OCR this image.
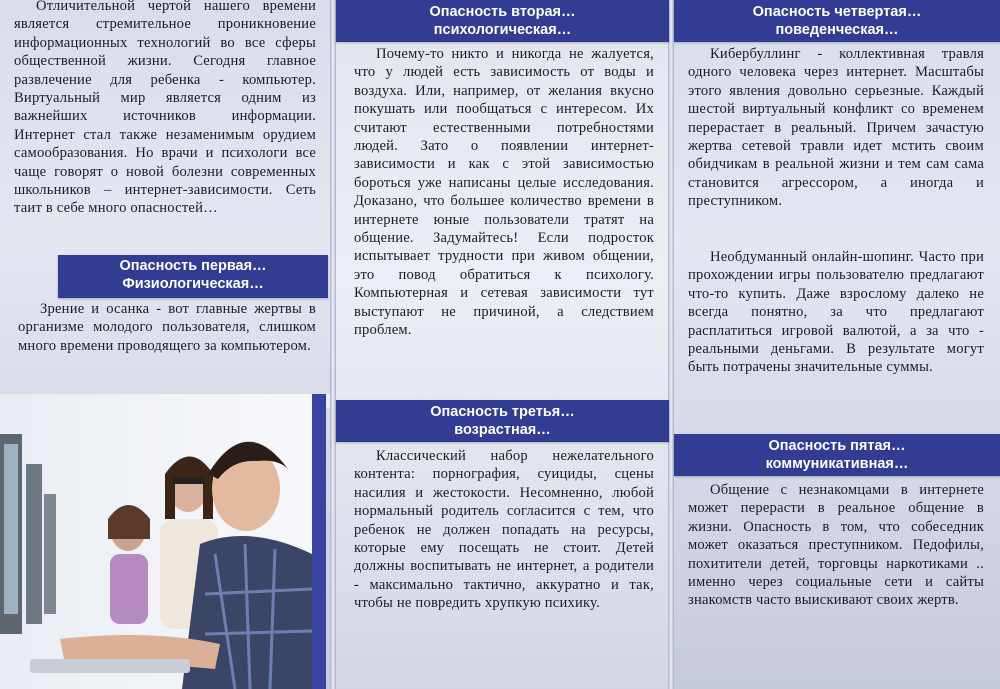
Отличительной чертой нашего времени является стремительное проникновение информационных технологий во все сферы общественной жизни. Сегодня главное развлечение для ребенка - компьютер. Виртуальный мир является одним из важнейших источников информации. Интернет стал также незаменимым орудием самообразования. Но врачи и психологи все чаще говорят о новой болезни современных школьников – интернет-зависимости. Сеть таит в себе много опасностей…

Опасность первая…
Физиологическая…

Зрение и осанка - вот главные жертвы в организме молодого пользователя, слишком много времени проводящего за компьютером.

Опасность вторая…
психологическая…

Почему-то никто и никогда не жалуется, что у людей есть зависимость от воды и воздуха. Или, например, от желания вкусно покушать или пообщаться с интересом. Их считают естественными потребностями людей. Зато о появлении интернет-зависимости и как с этой зависимостью бороться уже написаны целые исследования. Доказано, что большее количество времени в интернете юные пользователи тратят на общение. Задумайтесь! Если подросток испытывает трудности при живом общении, это повод обратиться к психологу. Компьютерная и сетевая зависимости тут выступают не причиной, а следствием проблем.

Опасность третья…
возрастная…

Классический набор нежелательного контента: порнография, суициды, сцены насилия и жестокости. Несомненно, любой нормальный родитель согласится с тем, что ребенок не должен попадать на ресурсы, которые ему посещать не стоит. Детей должны воспитывать не интернет, а родители - максимально тактично, аккуратно и так, чтобы не повредить хрупкую психику.

Опасность четвертая…
поведенческая…

Кибербуллинг - коллективная травля одного человека через интернет. Масштабы этого явления довольно серьезные. Каждый шестой виртуальный конфликт со временем перерастает в реальный. Причем зачастую жертва сетевой травли идет мстить своим обидчикам в реальной жизни и тем сам сама становится агрессором, а иногда и преступником.

Необдуманный онлайн-шопинг. Часто при прохождении игры пользователю предлагают что-то купить. Даже взрослому далеко не всегда понятно, за что предлагают расплатиться игровой валютой, а за что - реальными деньгами. В результате могут быть потрачены значительные суммы.

Опасность пятая…
коммуникативная…

Общение с незнакомцами в интернете может перерасти в реальное общение в жизни. Опасность в том, что собеседник может оказаться преступником. Педофилы, похитители детей, торговцы наркотиками .. именно через социальные сети и сайты знакомств часто выискивают своих жертв.
